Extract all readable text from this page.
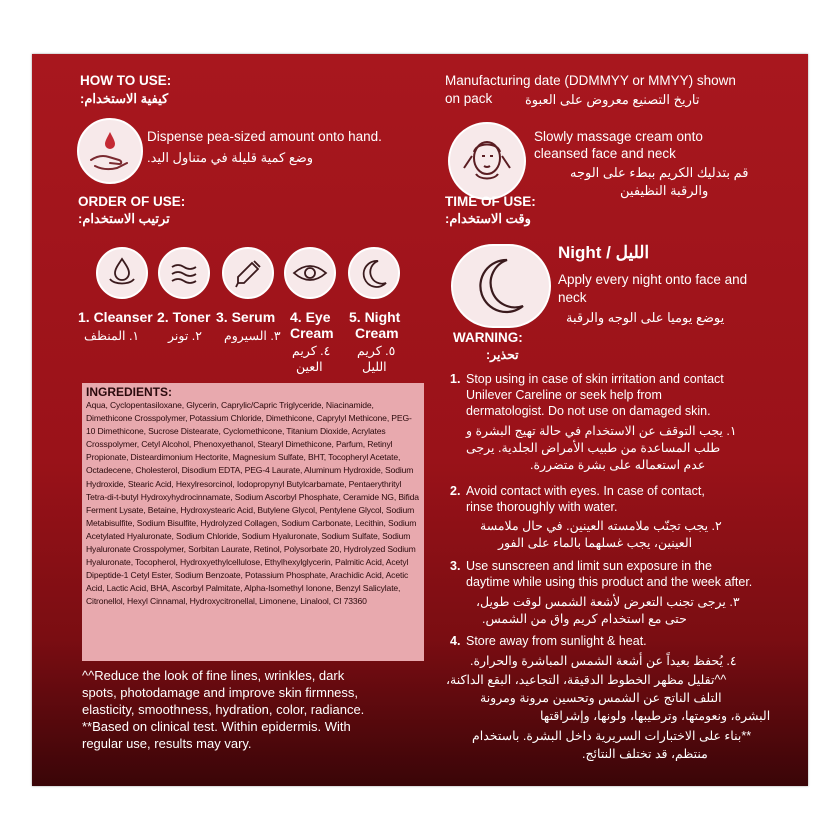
HOW TO USE:
كيفية الاستخدام:
Dispense pea-sized amount onto hand.
وضع كمية قليلة في متناول اليد.
Manufacturing date (DDMMYY or MMYY) shown
on pack	تاريخ التصنيع معروض على العبوة
Slowly massage cream onto
cleansed face and neck
قم بتدليك الكريم ببطء على الوجه
والرقبة النظيفين
ORDER OF USE:
ترتيب الاستخدام:
1. Cleanser
١. المنظف
2. Toner
٢. تونر
3. Serum
٣. السيروم
4. Eye
Cream
٤. كريم
العين
5. Night
Cream
٥. كريم
الليل
TIME OF USE:
وقت الاستخدام:
Night / الليل
Apply every night onto face and
neck
يوضع يوميا على الوجه والرقبة
WARNING:
تحذير:
1. Stop using in case of skin irritation and contact
Unilever Careline or seek help from
dermatologist. Do not use on damaged skin.
١. يجب التوقف عن الاستخدام في حالة تهيج البشرة و
طلب المساعدة من طبيب الأمراض الجلدية. يرجى
عدم استعماله على بشرة متضررة.
2. Avoid contact with eyes. In case of contact,
rinse thoroughly with water.
٢. يجب تجنّب ملامسته العينين. في حال ملامسة
العينين، يجب غسلهما بالماء على الفور
3. Use sunscreen and limit sun exposure in the
daytime while using this product and the week after.
٣. يرجى تجنب التعرض لأشعة الشمس لوقت طويل،
حتى مع استخدام كريم واق من الشمس.
4. Store away from sunlight & heat.
٤. يُحفظ بعيداً عن أشعة الشمس المباشرة والحرارة.
INGREDIENTS:
Aqua, Cyclopentasiloxane, Glycerin, Caprylic/Capric Triglyceride, Niacinamide, Dimethicone Crosspolymer, Potassium Chloride, Dimethicone, Caprylyl Methicone, PEG-10 Dimethicone, Sucrose Distearate, Cyclomethicone, Titanium Dioxide, Acrylates Crosspolymer, Cetyl Alcohol, Phenoxyethanol, Stearyl Dimethicone, Parfum, Retinyl Propionate, Disteardimonium Hectorite, Magnesium Sulfate, BHT, Tocopheryl Acetate, Octadecene, Cholesterol, Disodium EDTA, PEG-4 Laurate, Aluminum Hydroxide, Sodium Hydroxide, Stearic Acid, Hexylresorcinol, Iodopropynyl Butylcarbamate, Pentaerythrityl Tetra-di-t-butyl Hydroxyhydrocinnamate, Sodium Ascorbyl Phosphate, Ceramide NG, Bifida Ferment Lysate, Betaine, Hydroxystearic Acid, Butylene Glycol, Pentylene Glycol, Sodium Metabisulfite, Sodium Bisulfite, Hydrolyzed Collagen, Sodium Carbonate, Lecithin, Sodium Acetylated Hyaluronate, Sodium Chloride, Sodium Hyaluronate, Sodium Sulfate, Sodium Hyaluronate Crosspolymer, Sorbitan Laurate, Retinol, Polysorbate 20, Hydrolyzed Sodium Hyaluronate, Tocopherol, Hydroxyethylcellulose, Ethylhexylglycerin, Palmitic Acid, Acetyl Dipeptide-1 Cetyl Ester, Sodium Benzoate, Potassium Phosphate, Arachidic Acid, Acetic Acid, Lactic Acid, BHA, Ascorbyl Palmitate, Alpha-Isomethyl Ionone, Benzyl Salicylate, Citronellol, Hexyl Cinnamal, Hydroxycitronellal, Limonene, Linalool, CI 73360
^^Reduce the look of fine lines, wrinkles, dark
spots, photodamage and improve skin firmness,
elasticity, smoothness, hydration, color, radiance.
**Based on clinical test. Within epidermis. With
regular use, results may vary.
^^تقليل مظهر الخطوط الدقيقة، التجاعيد، البقع الداكنة،
التلف الناتج عن الشمس وتحسين مرونة ومرونة
البشرة، ونعومتها، وترطيبها، ولونها، وإشراقتها
**بناء على الاختبارات السريرية داخل البشرة. باستخدام
منتظم، قد تختلف النتائج.
